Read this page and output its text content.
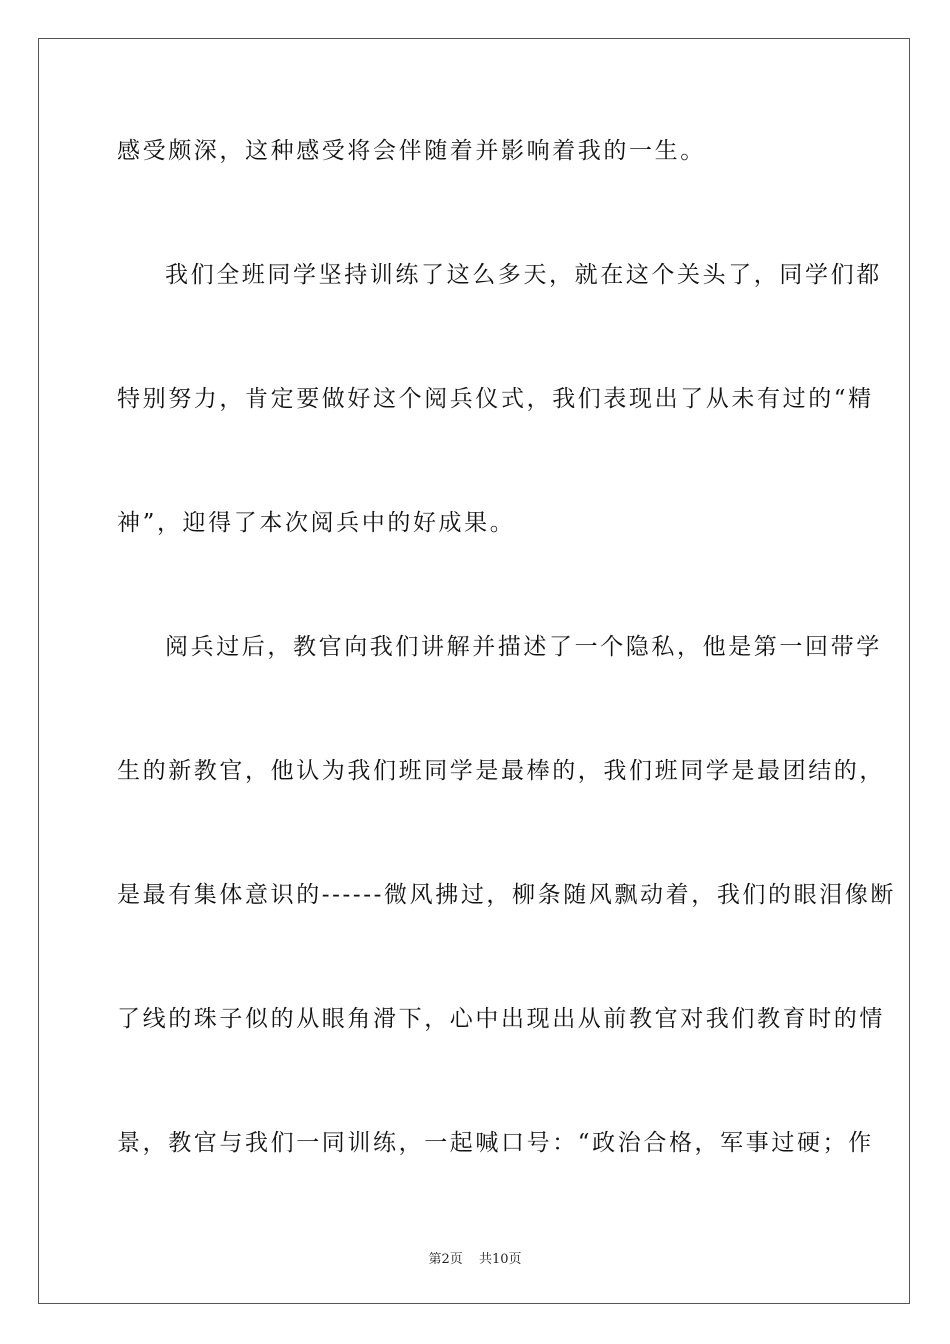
感受颇深，这种感受将会伴随着并影响着我的一生。
我们全班同学坚持训练了这么多天，就在这个关头了，同学们都
特别努力，肯定要做好这个阅兵仪式，我们表现出了从未有过的“精
神”，迎得了本次阅兵中的好成果。
阅兵过后，教官向我们讲解并描述了一个隐私，他是第一回带学
生的新教官，他认为我们班同学是最棒的，我们班同学是最团结的，
是最有集体意识的------微风拂过，柳条随风飘动着，我们的眼泪像断
了线的珠子似的从眼角滑下，心中出现出从前教官对我们教育时的情
景，教官与我们一同训练，一起喊口号：“政治合格，军事过硬；作
第2页 共10页
